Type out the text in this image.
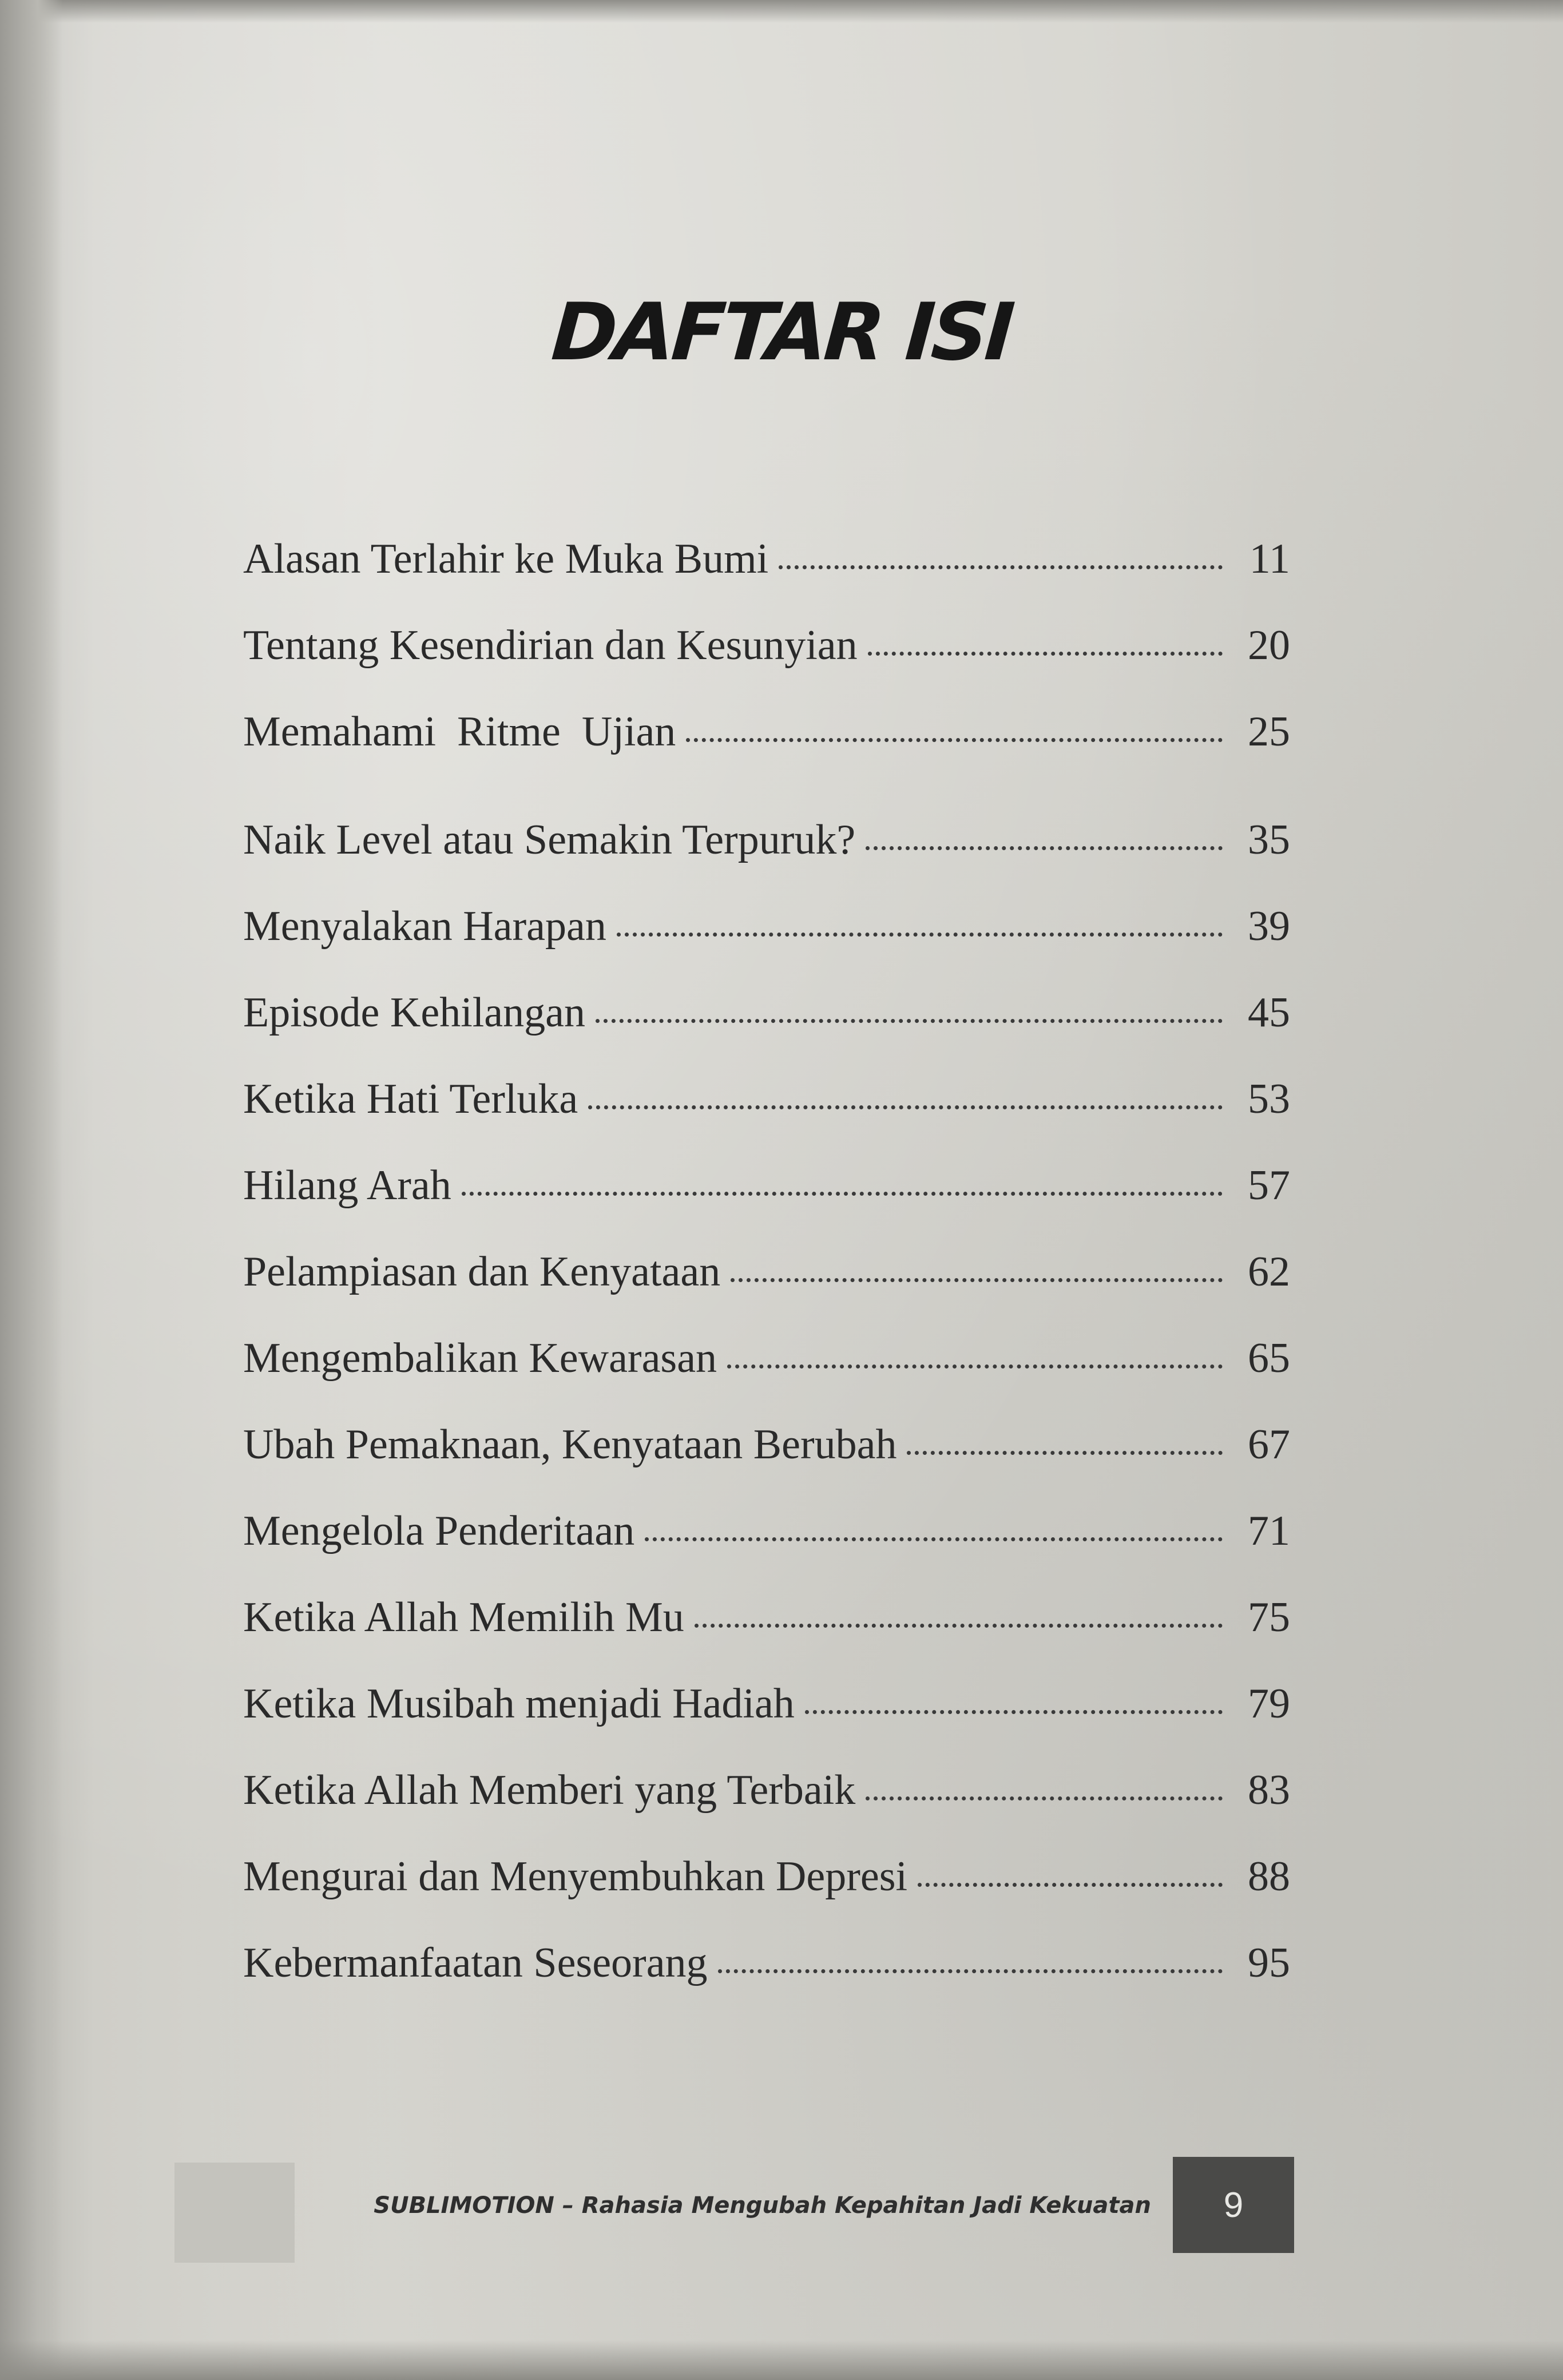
DAFTAR ISI
Alasan Terlahir ke Muka Bumi	11
Tentang Kesendirian dan Kesunyian	20
Memahami  Ritme  Ujian	25
Naik Level atau Semakin Terpuruk?	35
Menyalakan Harapan	39
Episode Kehilangan	45
Ketika Hati Terluka	53
Hilang Arah	57
Pelampiasan dan Kenyataan	62
Mengembalikan Kewarasan	65
Ubah Pemaknaan, Kenyataan Berubah	67
Mengelola Penderitaan	71
Ketika Allah Memilih Mu	75
Ketika Musibah menjadi Hadiah	79
Ketika Allah Memberi yang Terbaik	83
Mengurai dan Menyembuhkan Depresi	88
Kebermanfaatan Seseorang	95
SUBLIMOTION – Rahasia Mengubah Kepahitan Jadi Kekuatan	9
